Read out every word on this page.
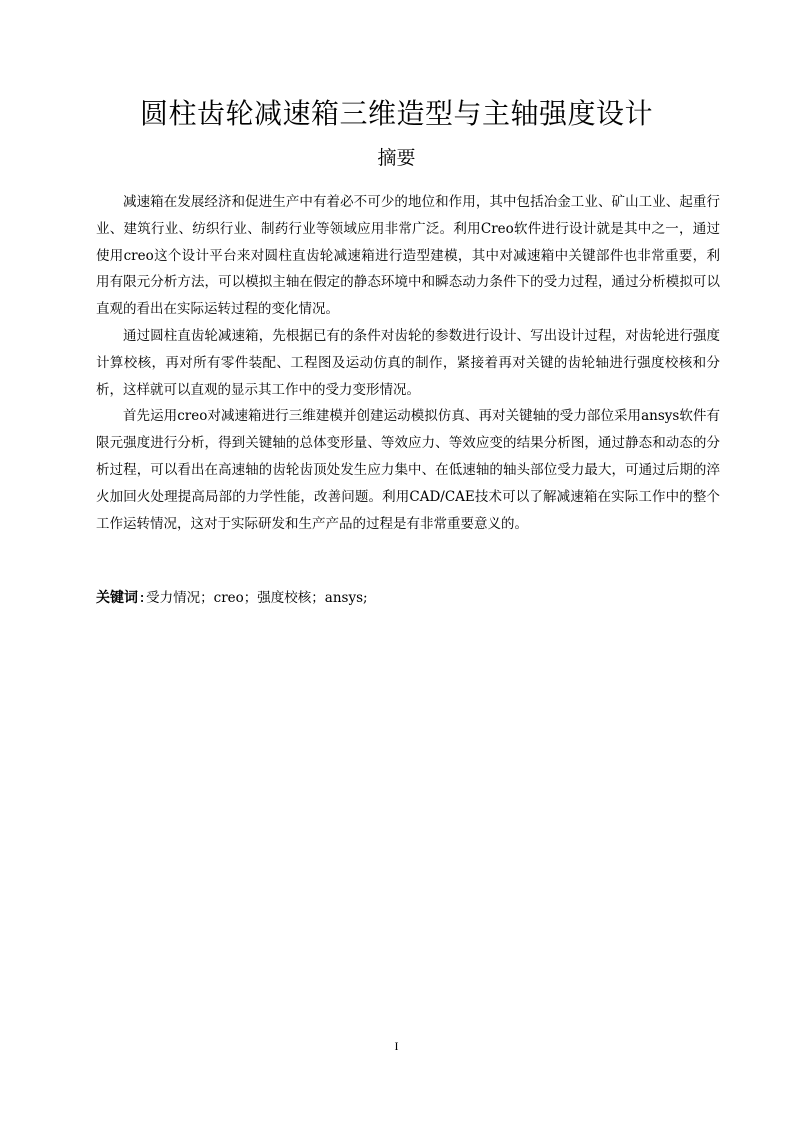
圆柱齿轮减速箱三维造型与主轴强度设计
摘要

减速箱在发展经济和促进生产中有着必不可少的地位和作用，其中包括冶金工业、矿山工业、起重行业、建筑行业、纺织行业、制药行业等领域应用非常广泛。利用Creo软件进行设计就是其中之一，通过使用creo这个设计平台来对圆柱直齿轮减速箱进行造型建模，其中对减速箱中关键部件也非常重要，利用有限元分析方法，可以模拟主轴在假定的静态环境中和瞬态动力条件下的受力过程，通过分析模拟可以直观的看出在实际运转过程的变化情况。

通过圆柱直齿轮减速箱，先根据已有的条件对齿轮的参数进行设计、写出设计过程，对齿轮进行强度计算校核，再对所有零件装配、工程图及运动仿真的制作，紧接着再对关键的齿轮轴进行强度校核和分析，这样就可以直观的显示其工作中的受力变形情况。

首先运用creo对减速箱进行三维建模并创建运动模拟仿真、再对关键轴的受力部位采用ansys软件有限元强度进行分析，得到关键轴的总体变形量、等效应力、等效应变的结果分析图，通过静态和动态的分析过程，可以看出在高速轴的齿轮齿顶处发生应力集中、在低速轴的轴头部位受力最大，可通过后期的淬火加回火处理提高局部的力学性能，改善问题。利用CAD/CAE技术可以了解减速箱在实际工作中的整个工作运转情况，这对于实际研发和生产产品的过程是有非常重要意义的。

关键词:受力情况；creo；强度校核；ansys;

I
